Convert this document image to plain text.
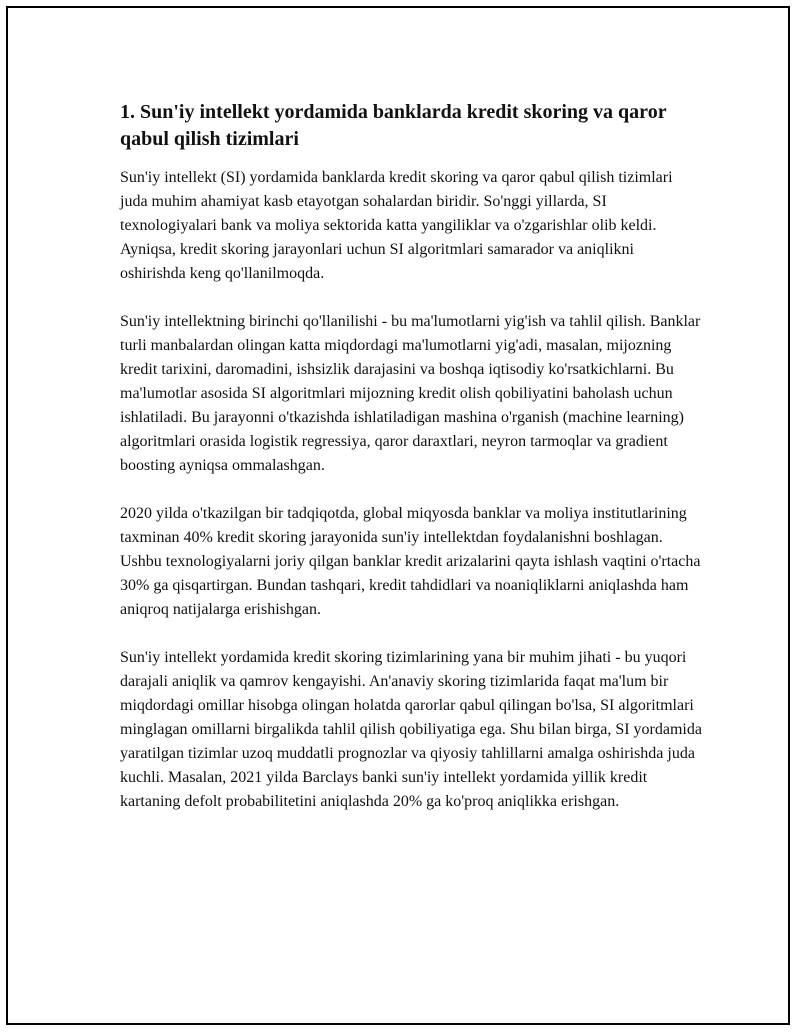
1. Sun'iy intellekt yordamida banklarda kredit skoring va qaror qabul qilish tizimlari

Sun'iy intellekt (SI) yordamida banklarda kredit skoring va qaror qabul qilish tizimlari juda muhim ahamiyat kasb etayotgan sohalardan biridir. So'nggi yillarda, SI texnologiyalari bank va moliya sektorida katta yangiliklar va o'zgarishlar olib keldi. Ayniqsa, kredit skoring jarayonlari uchun SI algoritmlari samarador va aniqlikni oshirishda keng qo'llanilmoqda.

Sun'iy intellektning birinchi qo'llanilishi - bu ma'lumotlarni yig'ish va tahlil qilish. Banklar turli manbalardan olingan katta miqdordagi ma'lumotlarni yig'adi, masalan, mijozning kredit tarixini, daromadini, ishsizlik darajasini va boshqa iqtisodiy ko'rsatkichlarni. Bu ma'lumotlar asosida SI algoritmlari mijozning kredit olish qobiliyatini baholash uchun ishlatiladi. Bu jarayonni o'tkazishda ishlatiladigan mashina o'rganish (machine learning) algoritmlari orasida logistik regressiya, qaror daraxtlari, neyron tarmoqlar va gradient boosting ayniqsa ommalashgan.

2020 yilda o'tkazilgan bir tadqiqotda, global miqyosda banklar va moliya institutlarining taxminan 40% kredit skoring jarayonida sun'iy intellektdan foydalanishni boshlagan. Ushbu texnologiyalarni joriy qilgan banklar kredit arizalarini qayta ishlash vaqtini o'rtacha 30% ga qisqartirgan. Bundan tashqari, kredit tahdidlari va noaniqliklarni aniqlashda ham aniqroq natijalarga erishishgan.

Sun'iy intellekt yordamida kredit skoring tizimlarining yana bir muhim jihati - bu yuqori darajali aniqlik va qamrov kengayishi. An'anaviy skoring tizimlarida faqat ma'lum bir miqdordagi omillar hisobga olingan holatda qarorlar qabul qilingan bo'lsa, SI algoritmlari minglagan omillarni birgalikda tahlil qilish qobiliyatiga ega. Shu bilan birga, SI yordamida yaratilgan tizimlar uzoq muddatli prognozlar va qiyosiy tahlillarni amalga oshirishda juda kuchli. Masalan, 2021 yilda Barclays banki sun'iy intellekt yordamida yillik kredit kartaning defolt probabilitetini aniqlashda 20% ga ko'proq aniqlikka erishgan.
